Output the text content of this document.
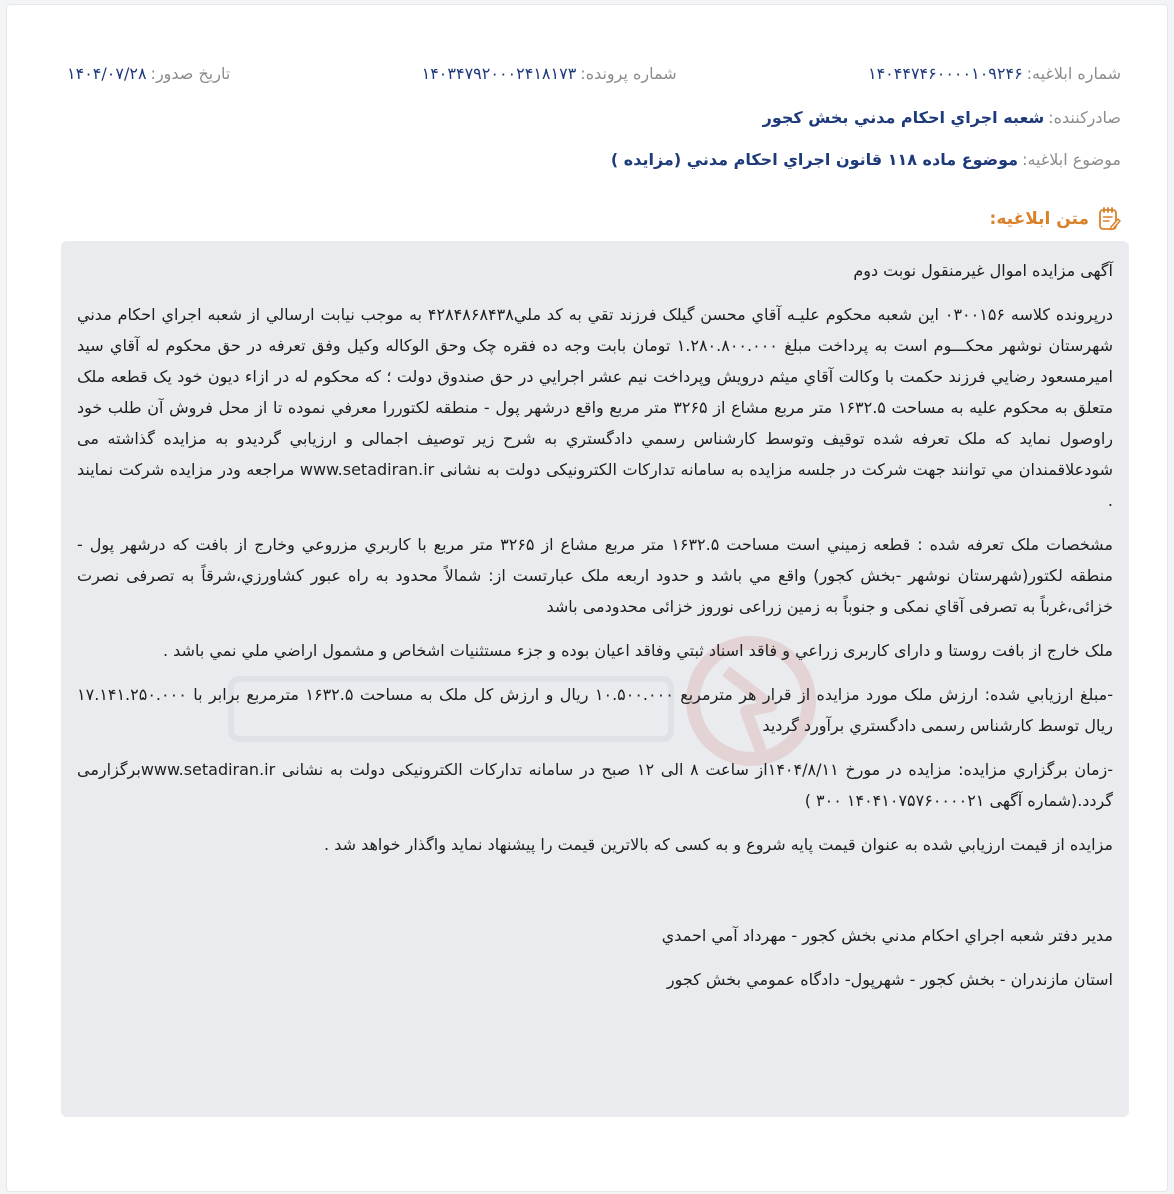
شماره ابلاغیه:
۱۴۰۴۴۷۴۶۰۰۰۰۱۰۹۲۴۶
شماره پرونده:
۱۴۰۳۴۷۹۲۰۰۰۲۴۱۸۱۷۳
تاریخ صدور:
۱۴۰۴/۰۷/۲۸
صادرکننده:
شعبه اجراي احكام مدني بخش كجور
موضوع ابلاغیه:
موضوع ماده ۱۱۸ قانون اجراي احكام مدني (مزايده )
متن ابلاغیه:

آگهی مزایده اموال غیرمنقول نوبت دوم

درپرونده كلاسه ۰۳۰۰۱۵۶ اين شعبه محكوم عليـه آقاي محسن گيلک فرزند تقي به كد ملي۴۲۸۴۸۶۸۴۳۸ به موجب نيابت ارسالي از شعبه اجراي احكام مدني شهرستان نوشهر محكـــوم است به پرداخت مبلغ ۱.۲۸۰.۸۰۰.۰۰۰ تومان بابت وجه ده فقره چک وحق الوكاله وكيل وفق تعرفه در حق محکوم له آقاي سيد اميرمسعود رضايي فرزند حکمت با وکالت آقاي ميثم درويش وپرداخت نيم عشر اجرايي در حق صندوق دولت ؛ كه محكوم له در ازاء ديون خود یک قطعه ملک متعلق به محكوم عليه به مساحت ۱۶۳۲.۵ متر مربع مشاع از ۳۲۶۵ متر مربع واقع درشهر پول - منطقه لكتوررا معرفي نموده تا از محل فروش آن طلب خود راوصول نمايد كه ملک تعرفه شده توقيف وتوسط كارشناس رسمي دادگستري به شرح زير توصيف اجمالی و ارزيابي گرديدو به مزايده گذاشته می شودعلاقمندان مي توانند جهت شركت در جلسه مزايده به سامانه تداركات الكترونيكی دولت به نشانی www.setadiran.ir مراجعه ودر مزايده شركت نمايند .

مشخصات ملک تعرفه شده : قطعه زميني است مساحت ۱۶۳۲.۵ متر مربع مشاع از ۳۲۶۵ متر مربع با كاربري مزروعي وخارج از بافت كه درشهر پول - منطقه لكتور(شهرستان نوشهر -بخش كجور) واقع مي باشد و حدود اربعه ملک عبارتست از: شمالاً محدود به راه عبور كشاورزي،شرقاً به تصرفی نصرت خزائی،غرباً به تصرفی آقاي نمکی و جنوباً به زمين زراعی نوروز خزائی محدودمی باشد

ملک خارج از بافت روستا و دارای كاربری زراعي و فاقد اسناد ثبتي وفاقد اعيان بوده و جزء مستثنيات اشخاص و مشمول اراضي ملي نمي باشد .

-مبلغ ارزيابي شده: ارزش ملک مورد مزايده از قرار هر مترمربع ۱۰.۵۰۰.۰۰۰ ريال و ارزش كل ملک به مساحت ۱۶۳۲.۵ مترمربع برابر با ۱۷.۱۴۱.۲۵۰.۰۰۰ ريال توسط كارشناس رسمی دادگستري برآورد گرديد

-زمان برگزاري مزايده: مزايده در مورخ ۱۴۰۴/۸/۱۱از ساعت ۸ الی ۱۲ صبح در سامانه تداركات الكترونيكی دولت به نشانی www.setadiran.irبرگزارمی گردد.(شماره آگهی ۱۴۰۴۱۰۷۵۷۶۰۰۰۰۲۱ ۳۰۰ )

مزايده از قيمت ارزيابي شده به عنوان قيمت پايه شروع و به كسی كه بالاترين قيمت را پيشنهاد نمايد واگذار خواهد شد .

مدير دفتر شعبه اجراي احكام مدني بخش كجور - مهرداد آمي احمدي

استان مازندران - بخش کجور - شهرپول- دادگاه عمومي بخش كجور
